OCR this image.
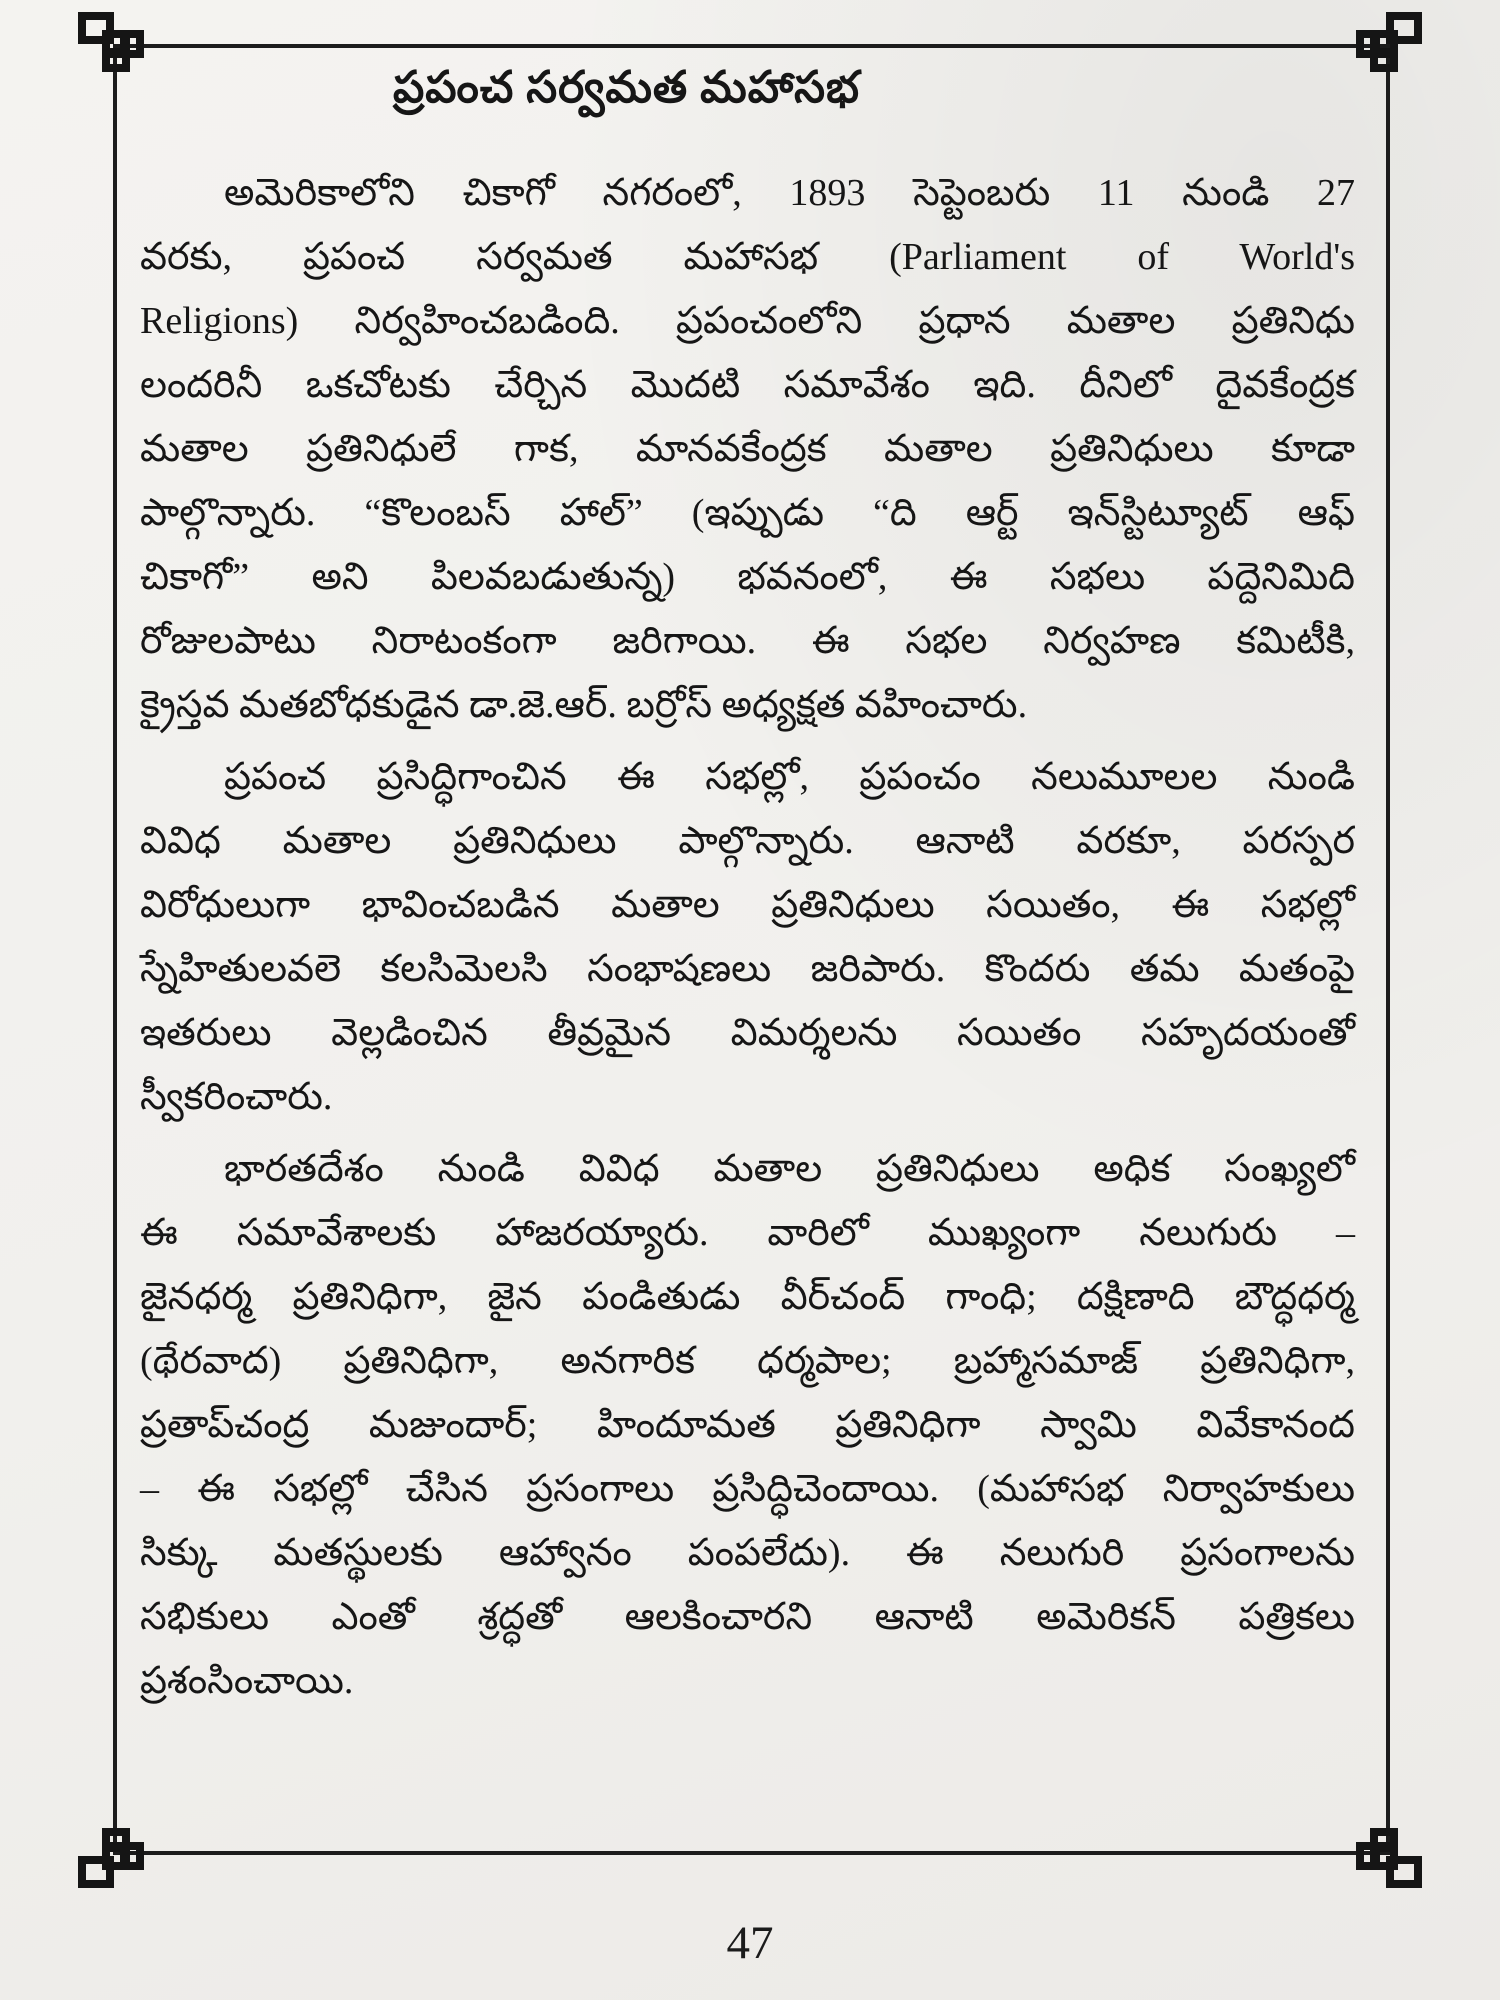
ప్రపంచ సర్వమత మహాసభ
అమెరికాలోని చికాగో నగరంలో, 1893 సెప్టెంబరు 11 నుండి 27
వరకు, ప్రపంచ సర్వమత మహాసభ (Parliament of World's
Religions) నిర్వహించబడింది. ప్రపంచంలోని ప్రధాన మతాల ప్రతినిధు
లందరినీ ఒకచోటకు చేర్చిన మొదటి సమావేశం ఇది. దీనిలో దైవకేంద్రక
మతాల ప్రతినిధులే గాక, మానవకేంద్రక మతాల ప్రతినిధులు కూడా
పాల్గొన్నారు. “కొలంబస్ హాల్” (ఇప్పుడు “ది ఆర్ట్ ఇన్‌స్టిట్యూట్ ఆఫ్
చికాగో” అని పిలవబడుతున్న) భవనంలో, ఈ సభలు పద్దెనిమిది
రోజులపాటు నిరాటంకంగా జరిగాయి. ఈ సభల నిర్వహణ కమిటీకి,
క్రైస్తవ మతబోధకుడైన డా.జె.ఆర్. బర్రోస్ అధ్యక్షత వహించారు.
ప్రపంచ ప్రసిద్ధిగాంచిన ఈ సభల్లో, ప్రపంచం నలుమూలల నుండి
వివిధ మతాల ప్రతినిధులు పాల్గొన్నారు. ఆనాటి వరకూ, పరస్పర
విరోధులుగా భావించబడిన మతాల ప్రతినిధులు సయితం, ఈ సభల్లో
స్నేహితులవలె కలసిమెలసి సంభాషణలు జరిపారు. కొందరు తమ మతంపై
ఇతరులు వెల్లడించిన తీవ్రమైన విమర్శలను సయితం సహృదయంతో
స్వీకరించారు.
భారతదేశం నుండి వివిధ మతాల ప్రతినిధులు అధిక సంఖ్యలో
ఈ సమావేశాలకు హాజరయ్యారు. వారిలో ముఖ్యంగా నలుగురు –
జైనధర్మ ప్రతినిధిగా, జైన పండితుడు వీర్‌చంద్ గాంధి; దక్షిణాది బౌద్ధధర్మ
(థేరవాద) ప్రతినిధిగా, అనగారిక ధర్మపాల; బ్రహ్మాసమాజ్ ప్రతినిధిగా,
ప్రతాప్‌చంద్ర మజుందార్; హిందూమత ప్రతినిధిగా స్వామి వివేకానంద
– ఈ సభల్లో చేసిన ప్రసంగాలు ప్రసిద్ధిచెందాయి. (మహాసభ నిర్వాహకులు
సిక్కు మతస్థులకు ఆహ్వానం పంపలేదు). ఈ నలుగురి ప్రసంగాలను
సభికులు ఎంతో శ్రద్ధతో ఆలకించారని ఆనాటి అమెరికన్ పత్రికలు
ప్రశంసించాయి.
47
